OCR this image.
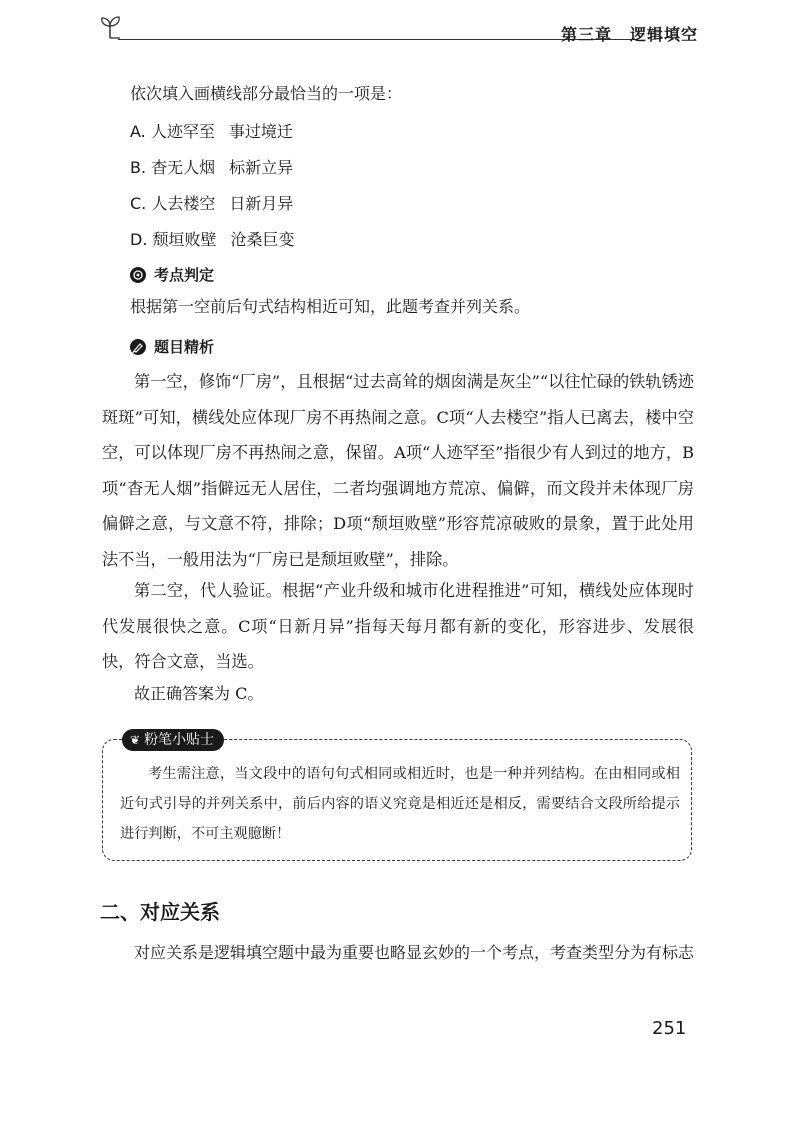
第三章 逻辑填空
依次填入画横线部分最恰当的一项是：
A. 人迹罕至 事过境迁
B. 杳无人烟 标新立异
C. 人去楼空 日新月异
D. 颓垣败壁 沧桑巨变
考点判定
根据第一空前后句式结构相近可知，此题考查并列关系。
题目精析

第一空，修饰“厂房”，且根据“过去高耸的烟囱满是灰尘”“以往忙碌的铁轨锈迹斑斑”可知，横线处应体现厂房不再热闹之意。C项“人去楼空”指人已离去，楼中空空，可以体现厂房不再热闹之意，保留。A项“人迹罕至”指很少有人到过的地方，B项“杳无人烟”指僻远无人居住，二者均强调地方荒凉、偏僻，而文段并未体现厂房偏僻之意，与文意不符，排除；D项“颓垣败壁”形容荒凉破败的景象，置于此处用法不当，一般用法为“厂房已是颓垣败壁”，排除。

第二空，代人验证。根据“产业升级和城市化进程推进”可知，横线处应体现时代发展很快之意。C项“日新月异”指每天每月都有新的变化，形容进步、发展很快，符合文意，当选。

故正确答案为 C。
❦ 粉笔小贴士

考生需注意，当文段中的语句句式相同或相近时，也是一种并列结构。在由相同或相近句式引导的并列关系中，前后内容的语义究竟是相近还是相反，需要结合文段所给提示进行判断，不可主观臆断！

二、对应关系
对应关系是逻辑填空题中最为重要也略显玄妙的一个考点，考查类型分为有标志
251
